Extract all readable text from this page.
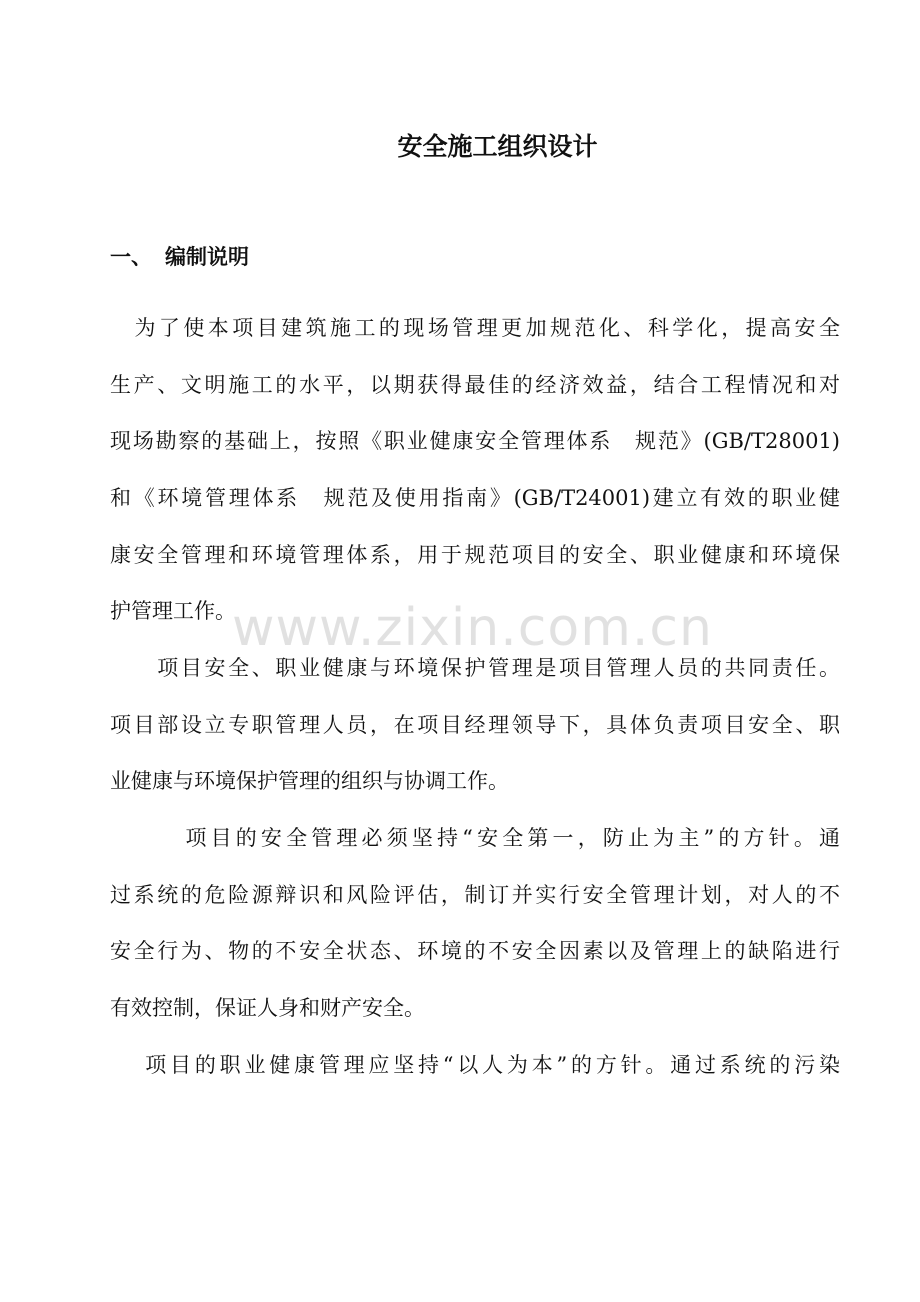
安全施工组织设计
一、 编制说明
　为了使本项目建筑施工的现场管理更加规范化、科学化，提高安全
生产、文明施工的水平，以期获得最佳的经济效益，结合工程情况和对
现场勘察的基础上，按照《职业健康安全管理体系　规范》(GB/T28001)
和《环境管理体系　规范及使用指南》(GB/T24001)建立有效的职业健
康安全管理和环境管理体系，用于规范项目的安全、职业健康和环境保
护管理工作。
　　项目安全、职业健康与环境保护管理是项目管理人员的共同责任。
项目部设立专职管理人员，在项目经理领导下，具体负责项目安全、职
业健康与环境保护管理的组织与协调工作。
　　　项目的安全管理必须坚持“安全第一，防止为主”的方针。通
过系统的危险源辩识和风险评估，制订并实行安全管理计划，对人的不
安全行为、物的不安全状态、环境的不安全因素以及管理上的缺陷进行
有效控制，保证人身和财产安全。
　 项目的职业健康管理应坚持“以人为本”的方针。通过系统的污染
www.zixin.com.cn
